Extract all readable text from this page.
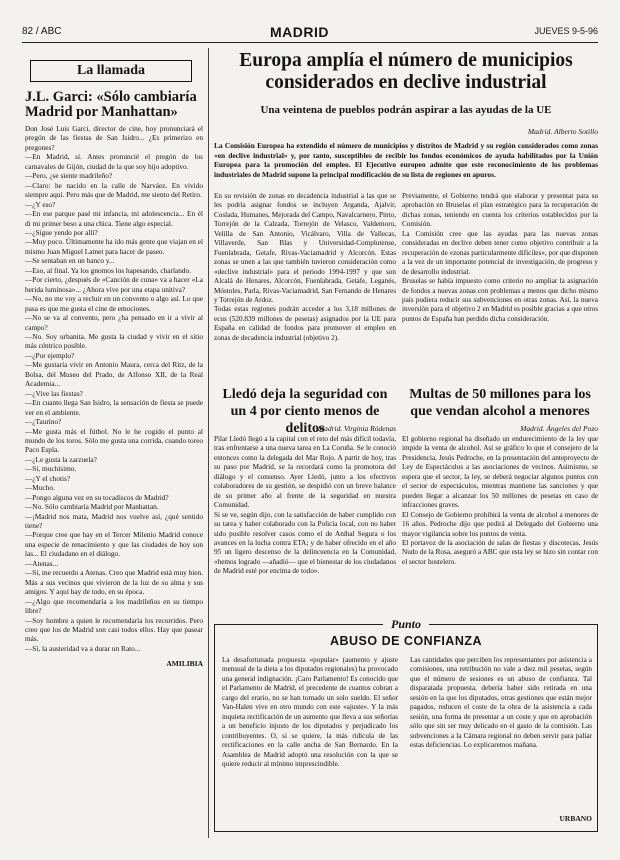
82 / ABC	MADRID	JUEVES 9-5-96
La llamada
J.L. Garci: «Sólo cambiaría Madrid por Manhattan»

Don José Luis Garci, director de cine, hoy pronunciará el pregón de las fiestas de San Isidro... ¿Es primerizo en pregones?

—En Madrid, sí. Antes pronuncié el pregón de los carnavales de Gijón, ciudad de la que soy hijo adoptivo.

—Pero, ¿se siente madrileño?

—Claro: he nacido en la calle de Narváez. En vivido siempre aquí. Pero más que de Madrid, me siento del Retiro.

—¿Y eso?

—En ese parque pasé mi infancia, mi adolescencia... En él di mi primer beso a una chica. Tiene algo especial.

—¿Sigue yendo por allí?

—Muy poco. Últimamente ha ido más gente que viajan en el mismo Juan Miguel Lamet para hacer de paseo.

—Se sentaban en un banco y...

—Eso, al final. Ya los gnomos los hapesando, charlando.

—Por cierto, ¿después de «Canción de cuna» va a hacer «La herida luminosa»... ¿Ahora vive por una etapa unitiva?

—No, no me voy a recluir en un convento o algo así. Lo que pasa es que me gusta el cine de emociones.

—No se va al convento, pero ¿ha pensado en ir a vivir al campo?

—No. Soy urbanita. Me gusta la ciudad y vivir en el sitio más céntrico posible.

—¿Por ejemplo?

—Me gustaría vivir en Antonio Maura, cerca del Ritz, de la Bolsa, del Museo del Prado, de Alfonso XII, de la Real Academia...

—¿Vive las fiestas?

—En cuanto llega San Isidro, la sensación de fiesta se puede ver en el ambiente.

—¿Taurino?

—Me gusta más el fútbol. No le he cogido el punto al mundo de los toros. Sólo me gusta una corrida, cuando toreo Paco Espla.

—¿Le gusta la zarzuela?

—Sí, muchísimo.

—¿Y el chotis?

—Mucho.

—Pongo alguna vez en su tocadiscos de Madrid?

—No. Sólo cambiaría Madrid por Manhattan.

—¡Madrid nos mata, Madrid nos vuelve así, ¿qué sentido tiene?

—Porque cree que hay en el Tercer Milenio Madrid conoce una especie de renacimiento y que las ciudades de hoy son las... El ciudadano en el diálogo.

—Atenas...

—Sí, me recuerdo a Atenas. Creo que Madrid está muy bien. Más a sus vecinos que vivieron de la luz de su alma y sus amigos. Y aquí hay de todo, en su época.

—¿Algo que recomendaría a los madrileños en su tiempo libre?

—Soy hombre a quien le recomendaría los recorridos. Pero creo que los de Madrid son casi todos ellos. Hay que pasear más.

—Sí, la austeridad va a durar un Rato...

AMILIBIA
Europa amplía el número de municipios considerados en declive industrial
Una veintena de pueblos podrán aspirar a las ayudas de la UE
Madrid. Alberto Sotillo
La Comisión Europea ha extendido el número de municipios y distritos de Madrid y su región considerados como zonas «en declive industrial» y, por tanto, susceptibles de recibir los fondos económicos de ayuda habilitados por la Unión Europea para la promoción del empleo. El Ejecutivo europeo admite que este reconocimiento de los problemas industriales de Madrid supone la principal modificación de su lista de regiones en apuros.

En su revisión de zonas en decadencia industrial a las que se les podría asignar fondos se incluyen Arganda, Ajalvir, Coslada, Humanes, Mejorada del Campo, Navalcarnero, Pinto, Torrejón de la Calzada, Torrejón de Velasco, Valdemoro, Velilla de San Antonio, Vicálvaro, Villa de Vallecas, Villaverde, San Blas y Universidad-Complutense, Fuenlabrada, Getafe, Rivas-Vaciamadrid y Alcorcón. Estas zonas se unen a las que también tuvieron consideración como «declive industrial» para el periodo 1994-1997 y que son Alcalá de Henares, Alcorcón, Fuenlabrada, Getafe, Leganés, Móstoles, Parla, Rivas-Vaciamadrid, San Fernando de Henares y Torrejón de Ardoz.

Todas estas regiones podrán acceder a los 3,18 millones de ecus (520.839 millones de pesetas) asignados por la UE para España en calidad de fondos para promover el empleo en zonas de decadencia industrial (objetivo 2).

Previamente, el Gobierno tendrá que elaborar y presentar para su aprobación en Bruselas el plan estratégico para la recuperación de dichas zonas, teniendo en cuenta los criterios establecidos por la Comisión.

La Comisión cree que las ayudas para las nuevas zonas consideradas en declive deben tener como objetivo contribuir a la recuperación de «zonas particularmente difíciles», por que disponen a la vez de un importante potencial de investigación, de progreso y de desarrollo industrial.

Bruselas se había impuesto como criterio no ampliar la asignación de fondos a nuevas zonas con problemas a menos que dicho mismo país pudiera reducir sus subvenciones en otras zonas. Así, la nueva inversión para el objetivo 2 en Madrid es posible gracias a que otros puntos de España han perdido dicha consideración.

Lledó deja la seguridad con un 4 por ciento menos de delitos
Multas de 50 millones para los que vendan alcohol a menores
Madrid. Virginia Ródenas	Madrid. Ángeles del Pozo

Pilar Lledó llegó a la capital con el reto del más difícil todavía, tras enfrentarse a una nueva tarea en La Coruña. Se le conoció entonces como la delegada del Mar Rojo. A partir de hoy, tras su paso por Madrid, se la recordará como la promotora del diálogo y el consenso. Ayer Lledó, junto a los efectivos colaboradores de su gestión, se despidió con un breve balance de su primer año al frente de la seguridad en nuestra Comunidad.

Si se ve, según dijo, con la satisfacción de haber cumplido con su tarea y haber colaborado con la Policía local, con no haber sido posible resolver casos como el de Aníbal Segura o los avances en la lucha contra ETA; y de haber ofrecido en el año 95 un ligero descenso de la delincuencia en la Comunidad, «hemos logrado —añadió— que el bienestar de los ciudadanos de Madrid esté por encima de todo».

El gobierno regional ha diseñado un endurecimiento de la ley que impide la venta de alcohol. Así se gráfico lo que el consejero de la Presidencia, Jesús Pedroche, en la presentación del anteproyecto de Ley de Espectáculos a las asociaciones de vecinos. Asimismo, se espera que el sector, la ley, se deberá negociar algunos puntos con el sector de espectáculos, mientras mantiene las sanciones y que pueden llegar a alcanzar los 50 millones de pesetas en caso de infracciones graves.

El Consejo de Gobierno prohibirá la venta de alcohol a menores de 16 años. Pedroche dijo que pedirá al Delegado del Gobierno una mayor vigilancia sobre los puntos de venta.

El portavoz de la asociación de salas de fiestas y discotecas, Jesús Nudo de la Rosa, aseguró a ABC que esta ley se hizo sin contar con el sector hostelero.

Punto
ABUSO DE CONFIANZA
La desafortunada propuesta «popular» (aumento y ajuste mensual de la dieta a los diputados regionales) ha provocado una general indignación. ¡Caro Parlamento! Es conocido que el Parlamento de Madrid, el precedente de cuantos cobran a cargo del erario, no se han tomado un solo sueldo. El señor Van-Halen vive en otro mundo con este «ajuste». Y la más inquieta rectificación de un aumento que lleva a sus señorías a un beneficio injusto de los diputados y perjudicado los contribuyentes. O, si se quiere, la más ridícula de las rectificaciones en la calle ancha de San Bernardo. En la Asamblea de Madrid adoptó una resolución con la que se quiere reducir al mínimo imprescindible.
Las cantidades que perciben los representantes por asistencia a comisiones, una retribución no vale a diez mil pesetas, según que el número de sesiones es un abuso de confianza. Tal disparatada propuesta, debería haber sido retirada en una sesión en la que los diputados, otras gestiones que están mejor pagados, reducen el coste de la obra de la asistencia a cada sesión, una forma de presentar a un coste y que en aprobación sólo que sin ser muy delicado en el gasto de la comisión. Las subvenciones a la Cámara regional no deben servir para paliar estas deficiencias. Lo explicaremos mañana.
URBANO
